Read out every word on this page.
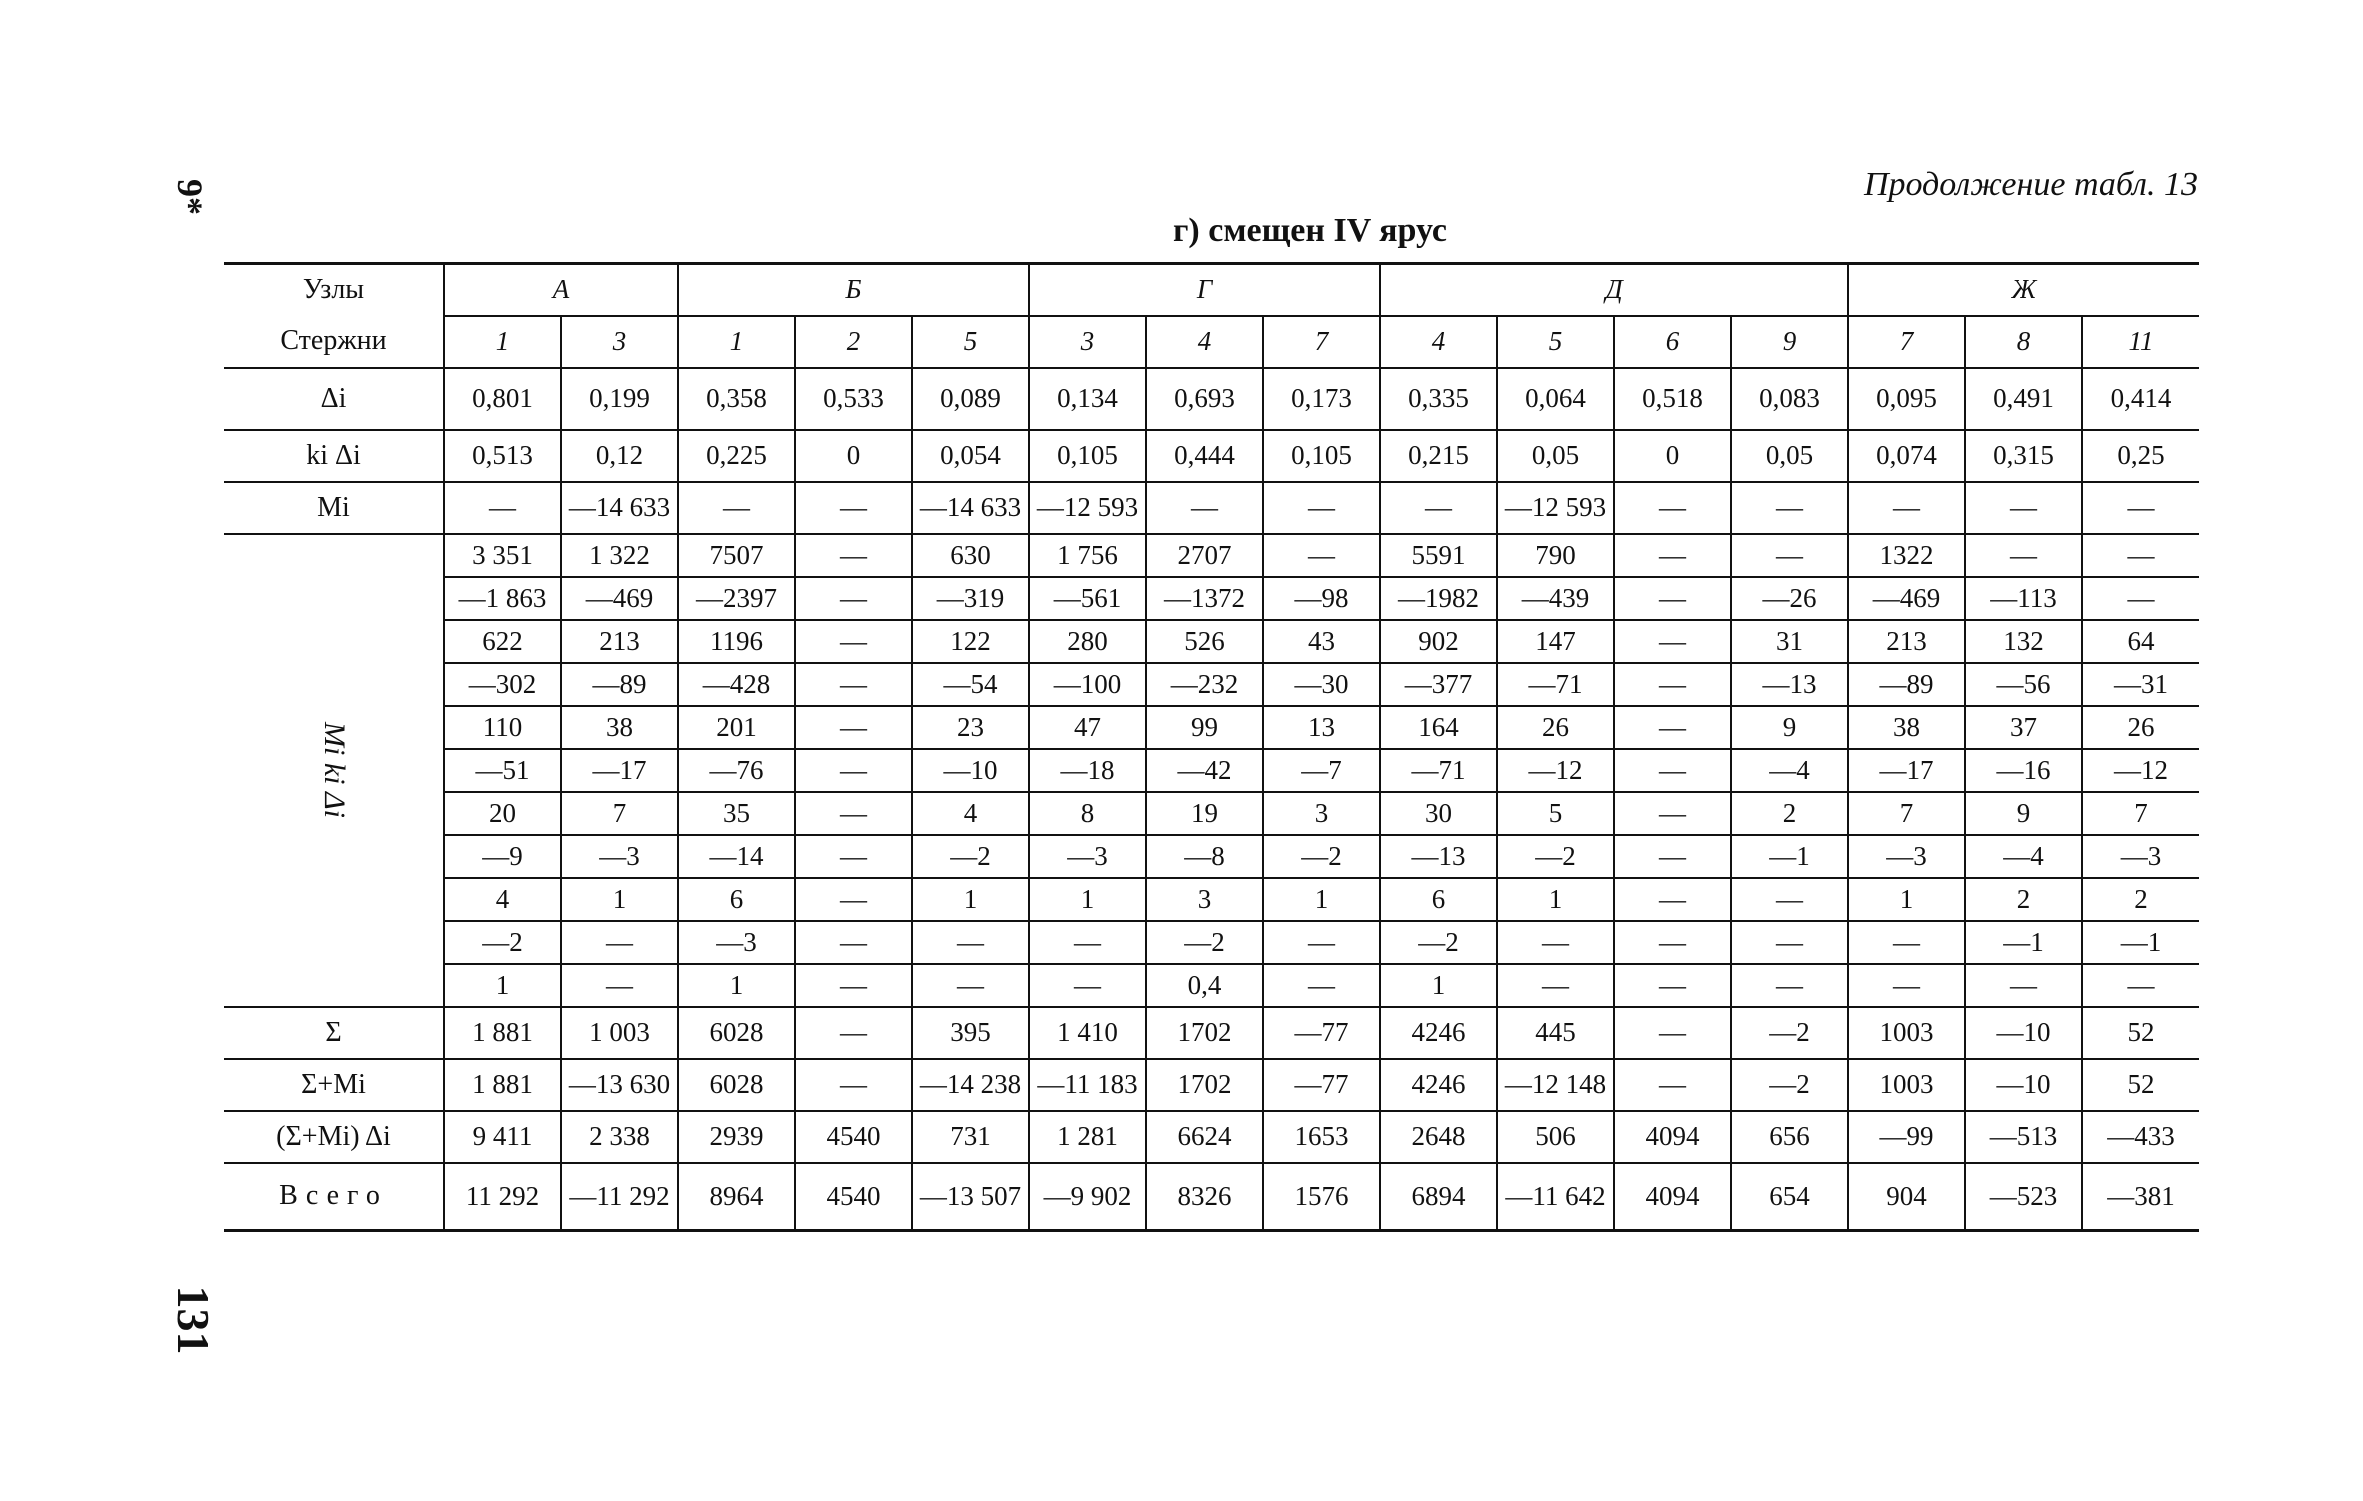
9*
131
Продолжение табл. 13
г) смещен IV ярус
Узлы	А		Б			Г			Д				Ж		
Стержни	1	3	1	2	5	3	4	7	4	5	6	9	7	8	11
Δi	0,801	0,199	0,358	0,533	0,089	0,134	0,693	0,173	0,335	0,064	0,518	0,083	0,095	0,491	0,414
ki Δi	0,513	0,12	0,225	0	0,054	0,105	0,444	0,105	0,215	0,05	0	0,05	0,074	0,315	0,25
Mi	—	—14 633	—	—	—14 633	—12 593	—	—	—	—12 593	—	—	—	—	—
Mi ki Δi	3 351	1 322	7507	—	630	1 756	2707	—	5591	790	—	—	1322	—	—
	—1 863	—469	—2397	—	—319	—561	—1372	—98	—1982	—439	—	—26	—469	—113	—
	622	213	1196	—	122	280	526	43	902	147	—	31	213	132	64
	—302	—89	—428	—	—54	—100	—232	—30	—377	—71	—	—13	—89	—56	—31
	110	38	201	—	23	47	99	13	164	26	—	9	38	37	26
	—51	—17	—76	—	—10	—18	—42	—7	—71	—12	—	—4	—17	—16	—12
	20	7	35	—	4	8	19	3	30	5	—	2	7	9	7
	—9	—3	—14	—	—2	—3	—8	—2	—13	—2	—	—1	—3	—4	—3
	4	1	6	—	1	1	3	1	6	1	—	—	1	2	2
	—2	—	—3	—	—	—	—2	—	—2	—	—	—	—	—1	—1
	1	—	1	—	—	—	0,4	—	1	—	—	—	—	—	—
Σ	1 881	1 003	6028	—	395	1 410	1702	—77	4246	445	—	—2	1003	—10	52
Σ+Mi	1 881	—13 630	6028	—	—14 238	—11 183	1702	—77	4246	—12 148	—	—2	1003	—10	52
(Σ+Mi) Δi	9 411	2 338	2939	4540	731	1 281	6624	1653	2648	506	4094	656	—99	—513	—433
Всего	11 292	—11 292	8964	4540	—13 507	—9 902	8326	1576	6894	—11 642	4094	654	904	—523	—381
